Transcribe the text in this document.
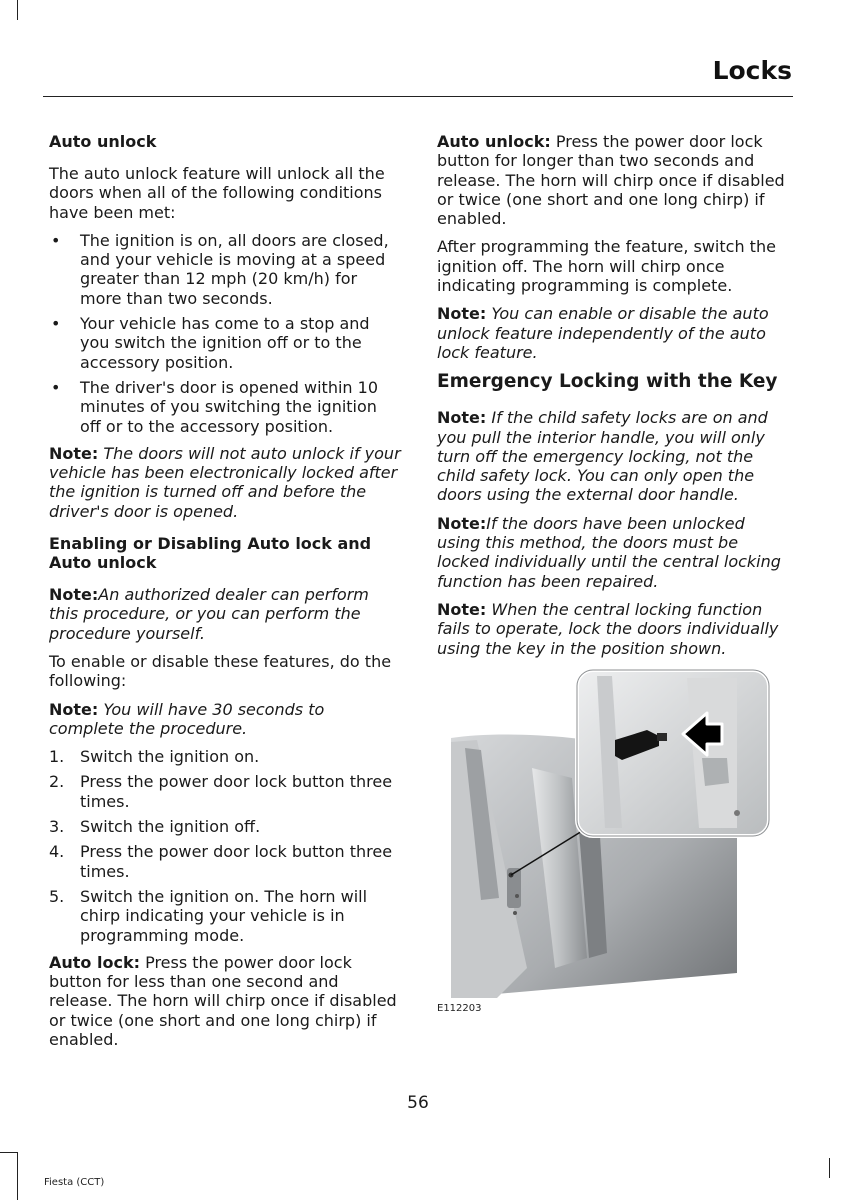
Locks
Auto unlock

The auto unlock feature will unlock all the doors when all of the following conditions have been met:

• The ignition is on, all doors are closed, and your vehicle is moving at a speed greater than 12 mph (20 km/h) for more than two seconds.
• Your vehicle has come to a stop and you switch the ignition off or to the accessory position.
• The driver's door is opened within 10 minutes of you switching the ignition off or to the accessory position.

Note: The doors will not auto unlock if your vehicle has been electronically locked after the ignition is turned off and before the driver's door is opened.

Enabling or Disabling Auto lock and Auto unlock

Note:An authorized dealer can perform this procedure, or you can perform the procedure yourself.

To enable or disable these features, do the following:

Note: You will have 30 seconds to complete the procedure.

1. Switch the ignition on.
2. Press the power door lock button three times.
3. Switch the ignition off.
4. Press the power door lock button three times.
5. Switch the ignition on. The horn will chirp indicating your vehicle is in programming mode.

Auto lock: Press the power door lock button for less than one second and release. The horn will chirp once if disabled or twice (one short and one long chirp) if enabled.

Auto unlock: Press the power door lock button for longer than two seconds and release. The horn will chirp once if disabled or twice (one short and one long chirp) if enabled.

After programming the feature, switch the ignition off. The horn will chirp once indicating programming is complete.

Note: You can enable or disable the auto unlock feature independently of the auto lock feature.

Emergency Locking with the Key

Note: If the child safety locks are on and you pull the interior handle, you will only turn off the emergency locking, not the child safety lock. You can only open the doors using the external door handle.

Note:If the doors have been unlocked using this method, the doors must be locked individually until the central locking function has been repaired.

Note: When the central locking function fails to operate, lock the doors individually using the key in the position shown.

E112203
56
Fiesta (CCT)
